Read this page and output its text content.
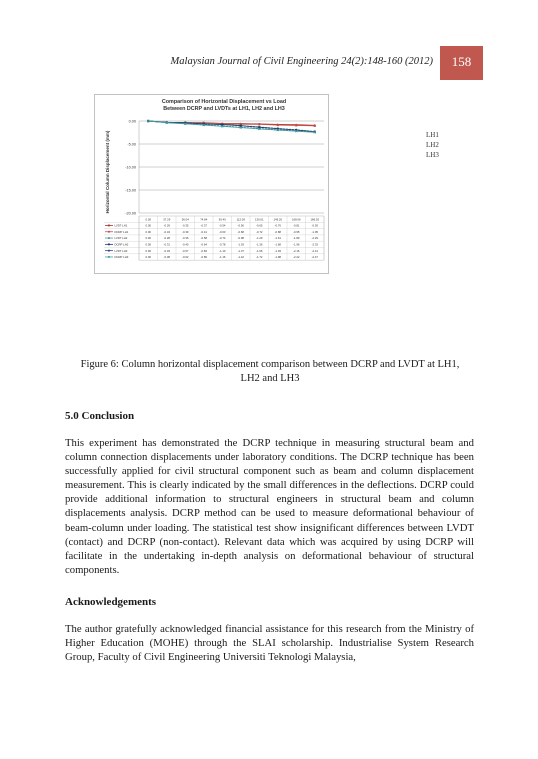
Malaysian Journal of Civil Engineering 24(2):148-160 (2012)	158
Comparison of Horizontal Displacement vs Load
Between DCRP and LVDTs at LH1, LH2 and LH3
Horizontal Column Displacement (mm)
0.00
-5.00
-10.00
-15.00
-20.00
0.00	37.29	56.04	74.84	93.40	112.09	130.61	149.20	168.06	186.92
LVDT LH1	0.00	-0.29	-0.35	-0.37	-0.54	-0.56	-0.65	-0.76	-0.81	-0.93
DCRP LH1	0.00	-0.34	-0.39	-0.41	-0.63	-0.68	-0.72	-0.88	-0.95	-1.05
LVDT LH2	0.00	-0.28	-0.36	-0.58	-0.74	-0.98	-1.29	-1.61	-1.89	-2.29
DCRP LH2	0.00	-0.31	-0.40	-0.64	-0.78	-1.03	-1.36	-1.68	-1.96	-2.33
LVDT LH3	0.00	-0.33	-0.57	-0.83	-1.10	-1.37	-1.66	-1.93	-2.16	-2.41
DCRP LH3	0.00	-0.38	-0.62	-0.89	-1.16	-1.42	-1.72	-1.98	-2.22	-2.47
LH1
LH2
LH3
Figure 6: Column horizontal displacement comparison between DCRP and LVDT at LH1, LH2 and LH3
5.0 Conclusion

This experiment has demonstrated the DCRP technique in measuring structural beam and column connection displacements under laboratory conditions. The DCRP technique has been successfully applied for civil structural component such as beam and column displacement measurement. This is clearly indicated by the small differences in the deflections. DCRP could provide additional information to structural engineers in structural beam and column displacements analysis. DCRP method can be used to measure deformational behaviour of beam-column under loading. The statistical test show insignificant differences between LVDT (contact) and DCRP (non-contact). Relevant data which was acquired by using DCRP will facilitate in the undertaking in-depth analysis on deformational behaviour of structural components.

Acknowledgements

The author gratefully acknowledged financial assistance for this research from the Ministry of Higher Education (MOHE) through the SLAI scholarship. Industrialise System Research Group, Faculty of Civil Engineering Universiti Teknologi Malaysia,
